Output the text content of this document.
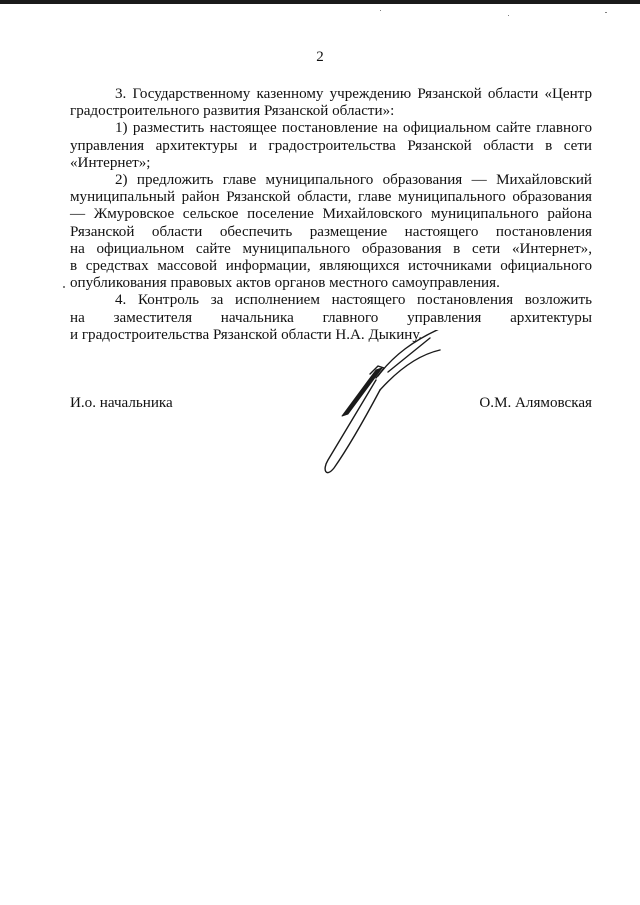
2

3. Государственному казенному учреждению Рязанской области «Центр
градостроительного развития Рязанской области»:

1) разместить настоящее постановление на официальном сайте главного
управления архитектуры и градостроительства Рязанской области в сети
«Интернет»;

2) предложить главе муниципального образования — Михайловский
муниципальный район Рязанской области, главе муниципального образования
— Жмуровское сельское поселение Михайловского муниципального района
Рязанской области обеспечить размещение настоящего постановления
на официальном сайте муниципального образования в сети «Интернет»,
в средствах массовой информации, являющихся источниками официального
опубликования правовых актов органов местного самоуправления.

4. Контроль за исполнением настоящего постановления возложить
на заместителя начальника главного управления архитектуры
и градостроительства Рязанской области Н.А. Дыкину.

И.о. начальника	О.М. Алямовская
